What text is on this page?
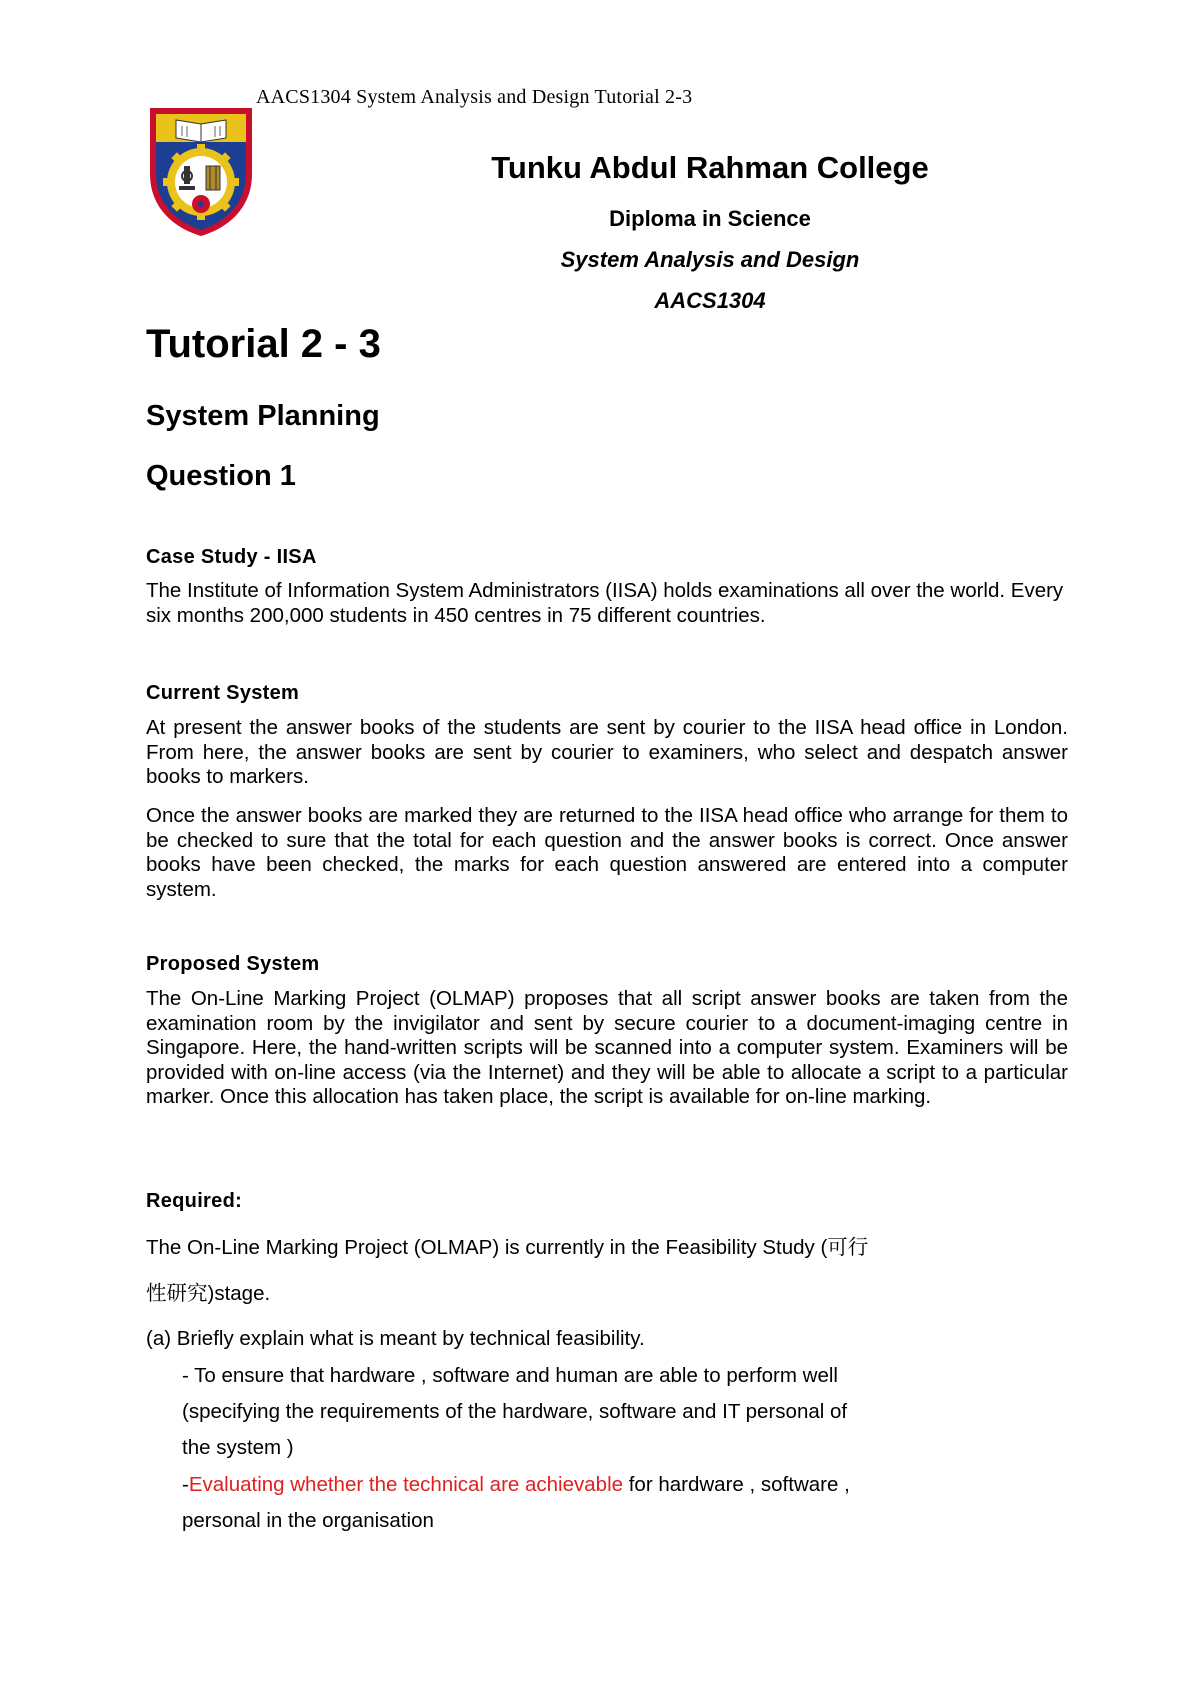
AACS1304 System Analysis and Design Tutorial 2-3
Tunku Abdul Rahman College
Diploma in Science
System Analysis and Design
AACS1304
Tutorial 2 - 3
System Planning
Question 1
Case Study - IISA

The Institute of Information System Administrators (IISA) holds examinations all over the world. Every six months 200,000 students in 450 centres in 75 different countries.

Current System

At present the answer books of the students are sent by courier to the IISA head office in London. From here, the answer books are sent by courier to examiners, who select and despatch answer books to markers.

Once the answer books are marked they are returned to the IISA head office who arrange for them to be checked to sure that the total for each question and the answer books is correct. Once answer books have been checked, the marks for each question answered are entered into a computer system.

Proposed System

The On-Line Marking Project (OLMAP) proposes that all script answer books are taken from the examination room by the invigilator and sent by secure courier to a document-imaging centre in Singapore. Here, the hand-written scripts will be scanned into a computer system. Examiners will be provided with on-line access (via the Internet) and they will be able to allocate a script to a particular marker. Once this allocation has taken place, the script is available for on-line marking.

Required:
The On-Line Marking Project (OLMAP) is currently in the Feasibility Study (可行
性研究)stage.
(a) Briefly explain what is meant by technical feasibility.
- To ensure that hardware , software and human are able to perform well
(specifying the requirements of the hardware, software and IT personal of
the system )
-Evaluating whether the technical are achievable for hardware , software ,
personal in the organisation
